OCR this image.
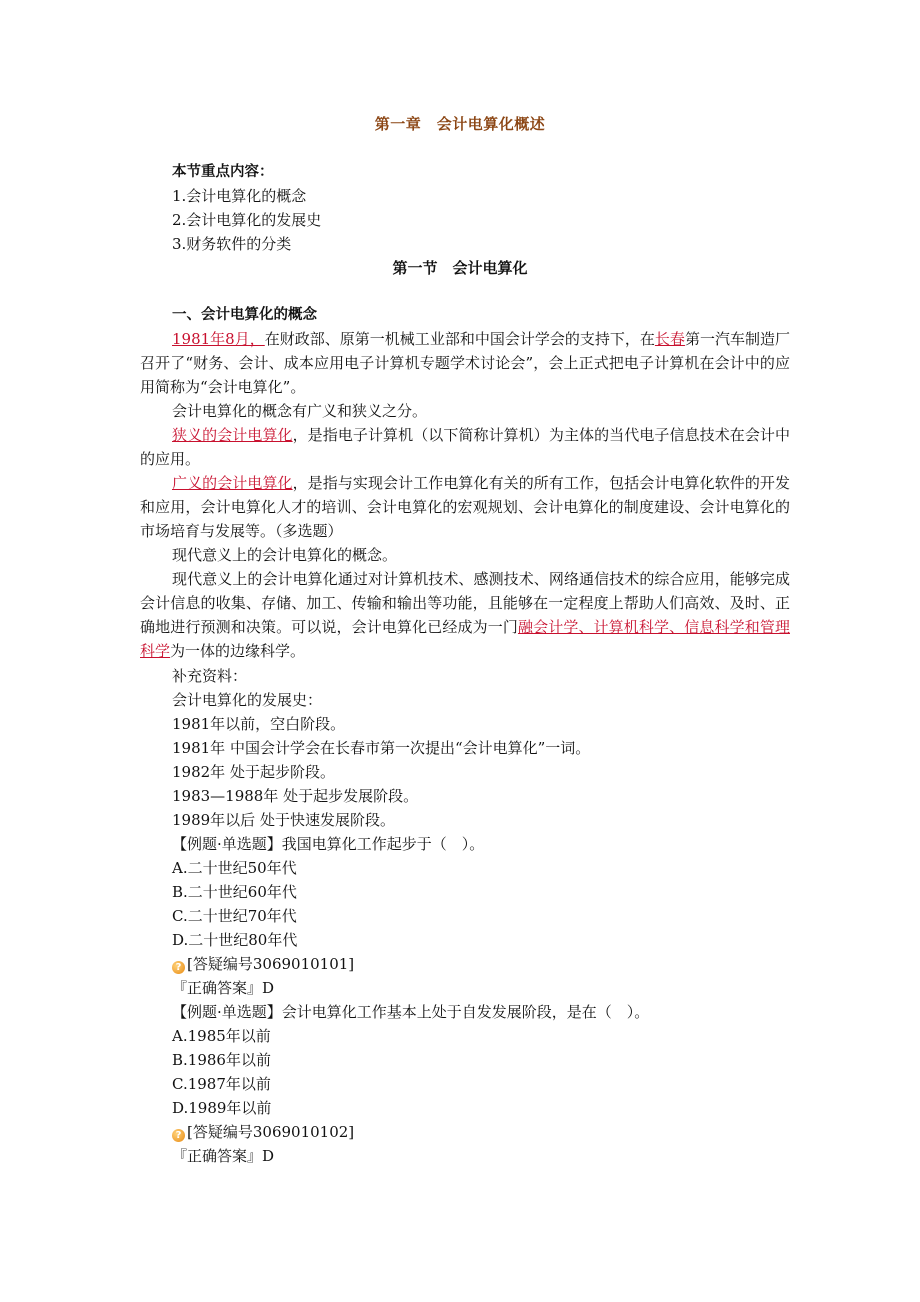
第一章　会计电算化概述
本节重点内容：
1.会计电算化的概念
2.会计电算化的发展史
3.财务软件的分类
第一节　会计电算化
一、会计电算化的概念
1981年8月，在财政部、原第一机械工业部和中国会计学会的支持下，在长春第一汽车制造厂召开了“财务、会计、成本应用电子计算机专题学术讨论会”，会上正式把电子计算机在会计中的应用简称为“会计电算化”。
会计电算化的概念有广义和狭义之分。
狭义的会计电算化，是指电子计算机（以下简称计算机）为主体的当代电子信息技术在会计中的应用。
广义的会计电算化，是指与实现会计工作电算化有关的所有工作，包括会计电算化软件的开发和应用，会计电算化人才的培训、会计电算化的宏观规划、会计电算化的制度建设、会计电算化的市场培育与发展等。（多选题）
现代意义上的会计电算化的概念。
现代意义上的会计电算化通过对计算机技术、感测技术、网络通信技术的综合应用，能够完成会计信息的收集、存储、加工、传输和输出等功能，且能够在一定程度上帮助人们高效、及时、正确地进行预测和决策。可以说，会计电算化已经成为一门融会计学、计算机科学、信息科学和管理科学为一体的边缘科学。
补充资料：
会计电算化的发展史：
1981年以前，空白阶段。
1981年 中国会计学会在长春市第一次提出“会计电算化”一词。
1982年 处于起步阶段。
1983—1988年 处于起步发展阶段。
1989年以后 处于快速发展阶段。
【例题·单选题】我国电算化工作起步于（　）。
A.二十世纪50年代
B.二十世纪60年代
C.二十世纪70年代
D.二十世纪80年代
? [答疑编号3069010101]
『正确答案』D
【例题·单选题】会计电算化工作基本上处于自发发展阶段，是在（　）。
A.1985年以前
B.1986年以前
C.1987年以前
D.1989年以前
? [答疑编号3069010102]
『正确答案』D
